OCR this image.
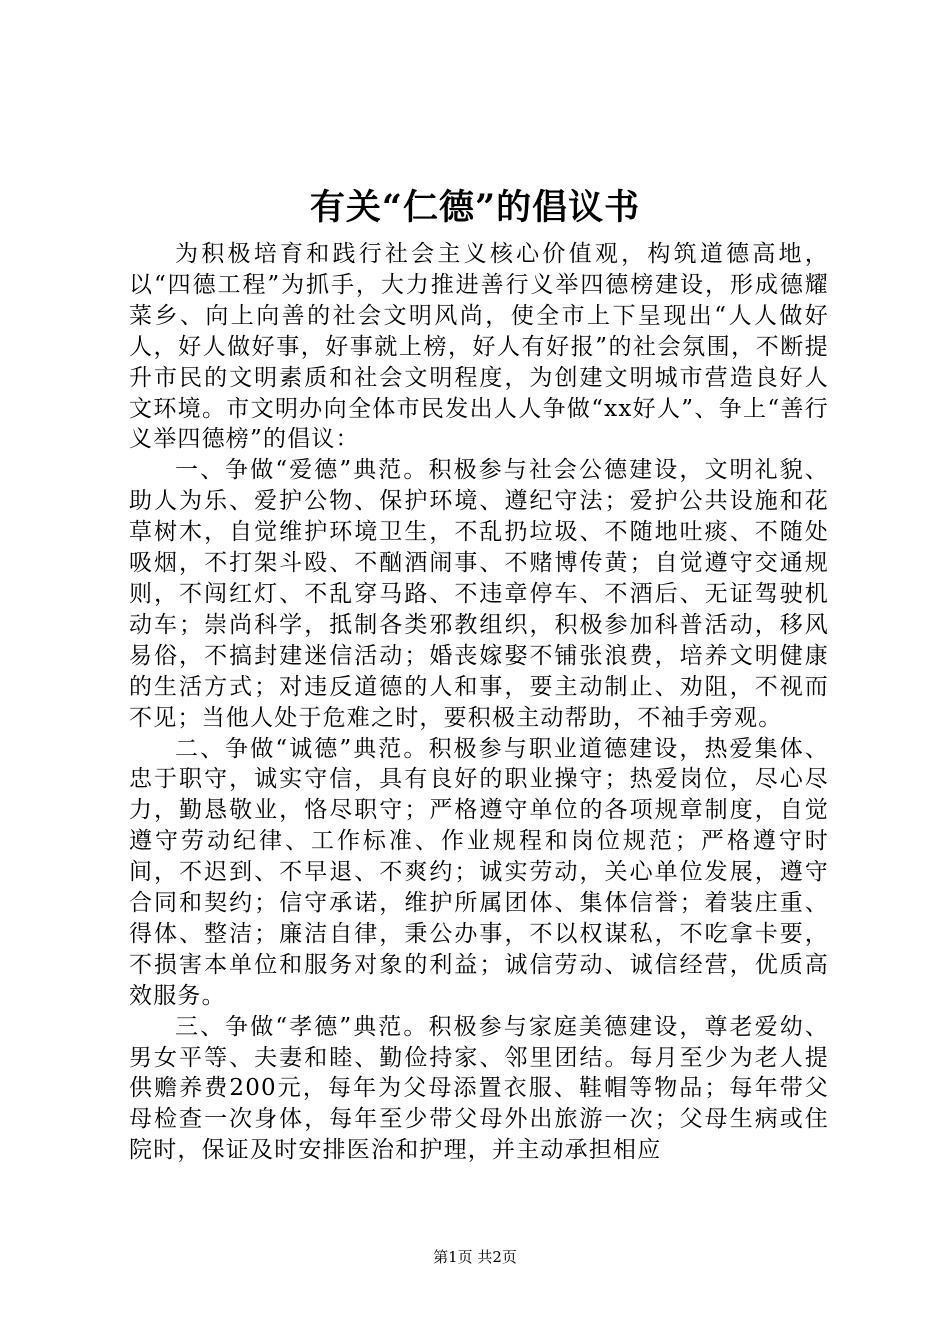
有关“仁德”的倡议书

为积极培育和践行社会主义核心价值观，构筑道德高地，以“四德工程”为抓手，大力推进善行义举四德榜建设，形成德耀菜乡、向上向善的社会文明风尚，使全市上下呈现出“人人做好人，好人做好事，好事就上榜，好人有好报”的社会氛围，不断提升市民的文明素质和社会文明程度，为创建文明城市营造良好人文环境。市文明办向全体市民发出人人争做“xx好人”、争上“善行义举四德榜”的倡议：

一、争做“爱德”典范。积极参与社会公德建设，文明礼貌、助人为乐、爱护公物、保护环境、遵纪守法；爱护公共设施和花草树木，自觉维护环境卫生，不乱扔垃圾、不随地吐痰、不随处吸烟，不打架斗殴、不酗酒闹事、不赌博传黄；自觉遵守交通规则，不闯红灯、不乱穿马路、不违章停车、不酒后、无证驾驶机动车；崇尚科学，抵制各类邪教组织，积极参加科普活动，移风易俗，不搞封建迷信活动；婚丧嫁娶不铺张浪费，培养文明健康的生活方式；对违反道德的人和事，要主动制止、劝阻，不视而不见；当他人处于危难之时，要积极主动帮助，不袖手旁观。

二、争做“诚德”典范。积极参与职业道德建设，热爱集体、忠于职守，诚实守信，具有良好的职业操守；热爱岗位，尽心尽力，勤恳敬业，恪尽职守；严格遵守单位的各项规章制度，自觉遵守劳动纪律、工作标准、作业规程和岗位规范；严格遵守时间，不迟到、不早退、不爽约；诚实劳动，关心单位发展，遵守合同和契约；信守承诺，维护所属团体、集体信誉；着装庄重、得体、整洁；廉洁自律，秉公办事，不以权谋私，不吃拿卡要，不损害本单位和服务对象的利益；诚信劳动、诚信经营，优质高效服务。

三、争做“孝德”典范。积极参与家庭美德建设，尊老爱幼、男女平等、夫妻和睦、勤俭持家、邻里团结。每月至少为老人提供赡养费200元，每年为父母添置衣服、鞋帽等物品；每年带父母检查一次身体，每年至少带父母外出旅游一次；父母生病或住院时，保证及时安排医治和护理，并主动承担相应

第1页 共2页
